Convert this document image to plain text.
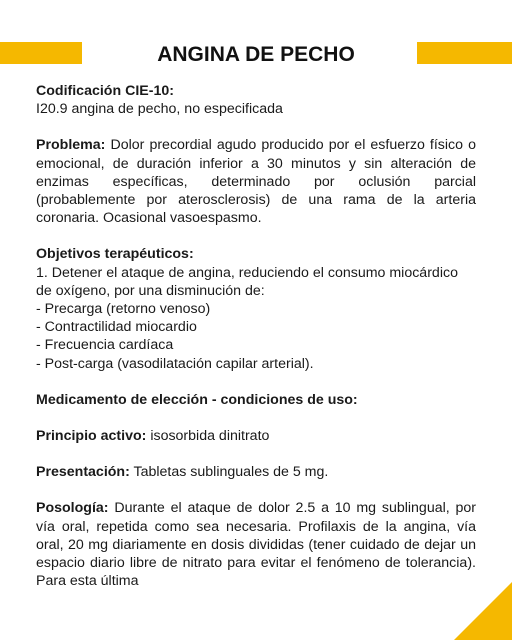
ANGINA DE PECHO
Codificación CIE-10:
I20.9 angina de pecho, no especificada
Problema: Dolor precordial agudo producido por el esfuerzo físico o emocional, de duración inferior a 30 minutos y sin alteración de enzimas específicas, determinado por oclusión parcial (probablemente por aterosclerosis) de una rama de la arteria coronaria. Ocasional vasoespasmo.
Objetivos terapéuticos:
1. Detener el ataque de angina, reduciendo el consumo miocárdico de oxígeno, por una disminución de:
- Precarga (retorno venoso)
- Contractilidad miocardio
- Frecuencia cardíaca
- Post-carga (vasodilatación capilar arterial).
Medicamento de elección - condiciones de uso:
Principio activo: isosorbida dinitrato
Presentación: Tabletas sublinguales de 5 mg.
Posología: Durante el ataque de dolor 2.5 a 10 mg sublingual, por vía oral, repetida como sea necesaria. Profilaxis de la angina, vía oral, 20 mg diariamente en dosis divididas (tener cuidado de dejar un espacio diario libre de nitrato para evitar el fenómeno de tolerancia). Para esta última
